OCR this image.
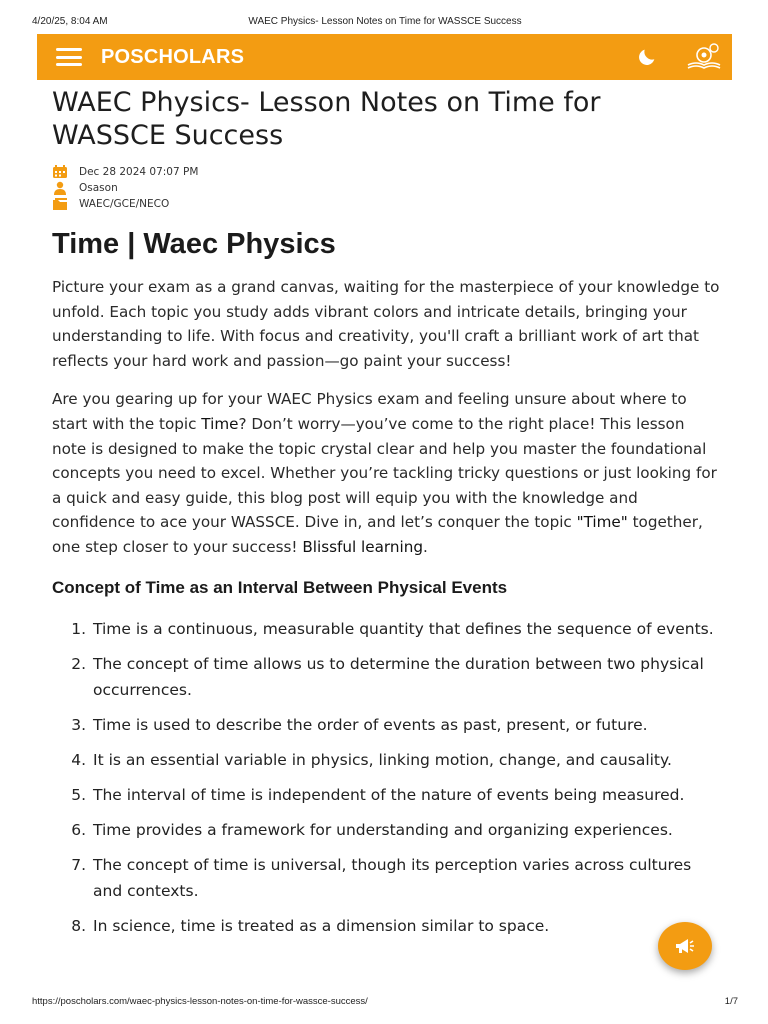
4/20/25, 8:04 AM	WAEC Physics- Lesson Notes on Time for WASSCE Success
POSCHOLARS
WAEC Physics- Lesson Notes on Time for WASSCE Success
Dec 28 2024 07:07 PM
Osason
WAEC/GCE/NECO
Time | Waec Physics

Picture your exam as a grand canvas, waiting for the masterpiece of your knowledge to unfold. Each topic you study adds vibrant colors and intricate details, bringing your understanding to life. With focus and creativity, you'll craft a brilliant work of art that reflects your hard work and passion—go paint your success!

Are you gearing up for your WAEC Physics exam and feeling unsure about where to start with the topic Time? Don’t worry—you’ve come to the right place! This lesson note is designed to make the topic crystal clear and help you master the foundational concepts you need to excel. Whether you’re tackling tricky questions or just looking for a quick and easy guide, this blog post will equip you with the knowledge and confidence to ace your WASSCE. Dive in, and let’s conquer the topic "Time" together, one step closer to your success! Blissful learning.

Concept of Time as an Interval Between Physical Events
1. Time is a continuous, measurable quantity that defines the sequence of events.
2. The concept of time allows us to determine the duration between two physical occurrences.
3. Time is used to describe the order of events as past, present, or future.
4. It is an essential variable in physics, linking motion, change, and causality.
5. The interval of time is independent of the nature of events being measured.
6. Time provides a framework for understanding and organizing experiences.
7. The concept of time is universal, though its perception varies across cultures and contexts.
8. In science, time is treated as a dimension similar to space.
https://poscholars.com/waec-physics-lesson-notes-on-time-for-wassce-success/	1/7
